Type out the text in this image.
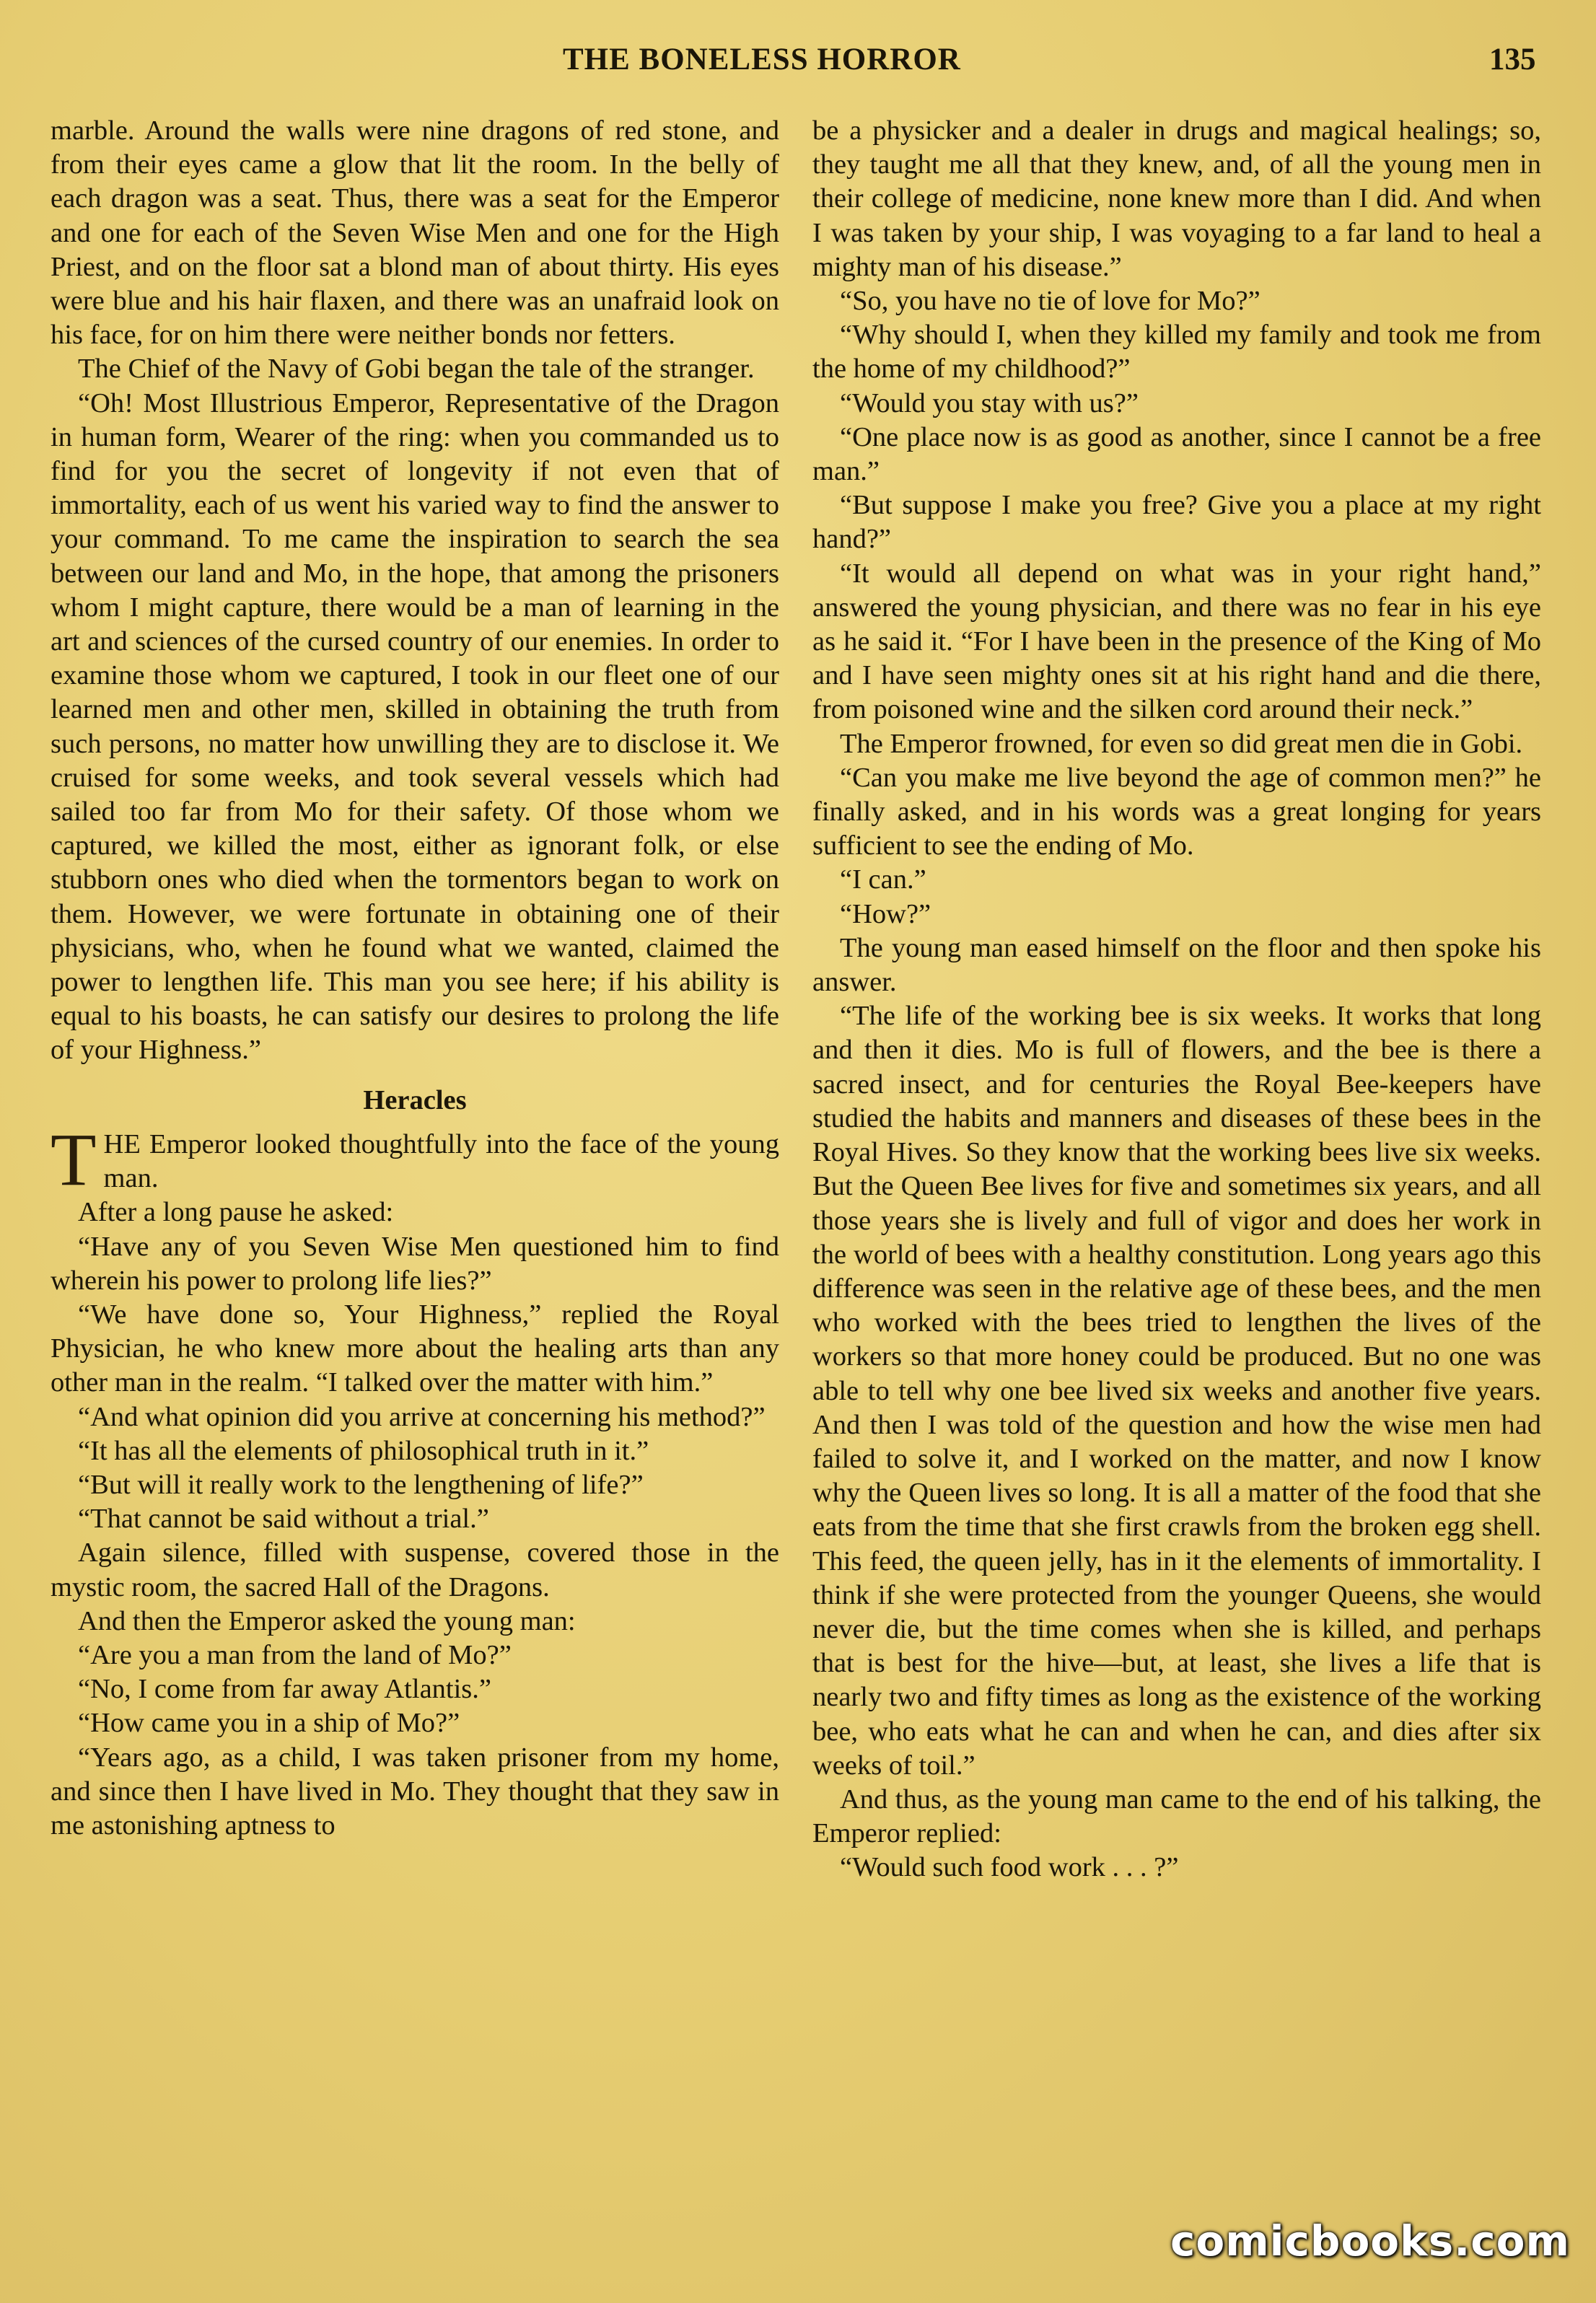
THE BONELESS HORROR	135

marble. Around the walls were nine dragons of red stone, and from their eyes came a glow that lit the room. In the belly of each dragon was a seat. Thus, there was a seat for the Emperor and one for each of the Seven Wise Men and one for the High Priest, and on the floor sat a blond man of about thirty. His eyes were blue and his hair flaxen, and there was an unafraid look on his face, for on him there were neither bonds nor fetters.

The Chief of the Navy of Gobi began the tale of the stranger.

“Oh! Most Illustrious Emperor, Representative of the Dragon in human form, Wearer of the ring: when you commanded us to find for you the secret of longevity if not even that of immortality, each of us went his varied way to find the answer to your command. To me came the inspiration to search the sea between our land and Mo, in the hope, that among the prisoners whom I might capture, there would be a man of learning in the art and sciences of the cursed country of our enemies. In order to examine those whom we captured, I took in our fleet one of our learned men and other men, skilled in obtaining the truth from such persons, no matter how unwilling they are to disclose it. We cruised for some weeks, and took several vessels which had sailed too far from Mo for their safety. Of those whom we captured, we killed the most, either as ignorant folk, or else stubborn ones who died when the tormentors began to work on them. However, we were fortunate in obtaining one of their physicians, who, when he found what we wanted, claimed the power to lengthen life. This man you see here; if his ability is equal to his boasts, he can satisfy our desires to prolong the life of your Highness.”

Heracles

THE Emperor looked thoughtfully into the face of the young man.

After a long pause he asked:

“Have any of you Seven Wise Men questioned him to find wherein his power to prolong life lies?”

“We have done so, Your Highness,” replied the Royal Physician, he who knew more about the healing arts than any other man in the realm. “I talked over the matter with him.”

“And what opinion did you arrive at concerning his method?”

“It has all the elements of philosophical truth in it.”

“But will it really work to the lengthening of life?”

“That cannot be said without a trial.”

Again silence, filled with suspense, covered those in the mystic room, the sacred Hall of the Dragons.

And then the Emperor asked the young man:

“Are you a man from the land of Mo?”

“No, I come from far away Atlantis.”

“How came you in a ship of Mo?”

“Years ago, as a child, I was taken prisoner from my home, and since then I have lived in Mo. They thought that they saw in me astonishing aptness to

be a physicker and a dealer in drugs and magical healings; so, they taught me all that they knew, and, of all the young men in their college of medicine, none knew more than I did. And when I was taken by your ship, I was voyaging to a far land to heal a mighty man of his disease.”

“So, you have no tie of love for Mo?”

“Why should I, when they killed my family and took me from the home of my childhood?”

“Would you stay with us?”

“One place now is as good as another, since I cannot be a free man.”

“But suppose I make you free? Give you a place at my right hand?”

“It would all depend on what was in your right hand,” answered the young physician, and there was no fear in his eye as he said it. “For I have been in the presence of the King of Mo and I have seen mighty ones sit at his right hand and die there, from poisoned wine and the silken cord around their neck.”

The Emperor frowned, for even so did great men die in Gobi.

“Can you make me live beyond the age of common men?” he finally asked, and in his words was a great longing for years sufficient to see the ending of Mo.

“I can.”

“How?”

The young man eased himself on the floor and then spoke his answer.

“The life of the working bee is six weeks. It works that long and then it dies. Mo is full of flowers, and the bee is there a sacred insect, and for centuries the Royal Bee-keepers have studied the habits and manners and diseases of these bees in the Royal Hives. So they know that the working bees live six weeks. But the Queen Bee lives for five and sometimes six years, and all those years she is lively and full of vigor and does her work in the world of bees with a healthy constitution. Long years ago this difference was seen in the relative age of these bees, and the men who worked with the bees tried to lengthen the lives of the workers so that more honey could be produced. But no one was able to tell why one bee lived six weeks and another five years. And then I was told of the question and how the wise men had failed to solve it, and I worked on the matter, and now I know why the Queen lives so long. It is all a matter of the food that she eats from the time that she first crawls from the broken egg shell. This feed, the queen jelly, has in it the elements of immortality. I think if she were protected from the younger Queens, she would never die, but the time comes when she is killed, and perhaps that is best for the hive—but, at least, she lives a life that is nearly two and fifty times as long as the existence of the working bee, who eats what he can and when he can, and dies after six weeks of toil.”

And thus, as the young man came to the end of his talking, the Emperor replied:

“Would such food work . . . ?”

comicbooks.com
